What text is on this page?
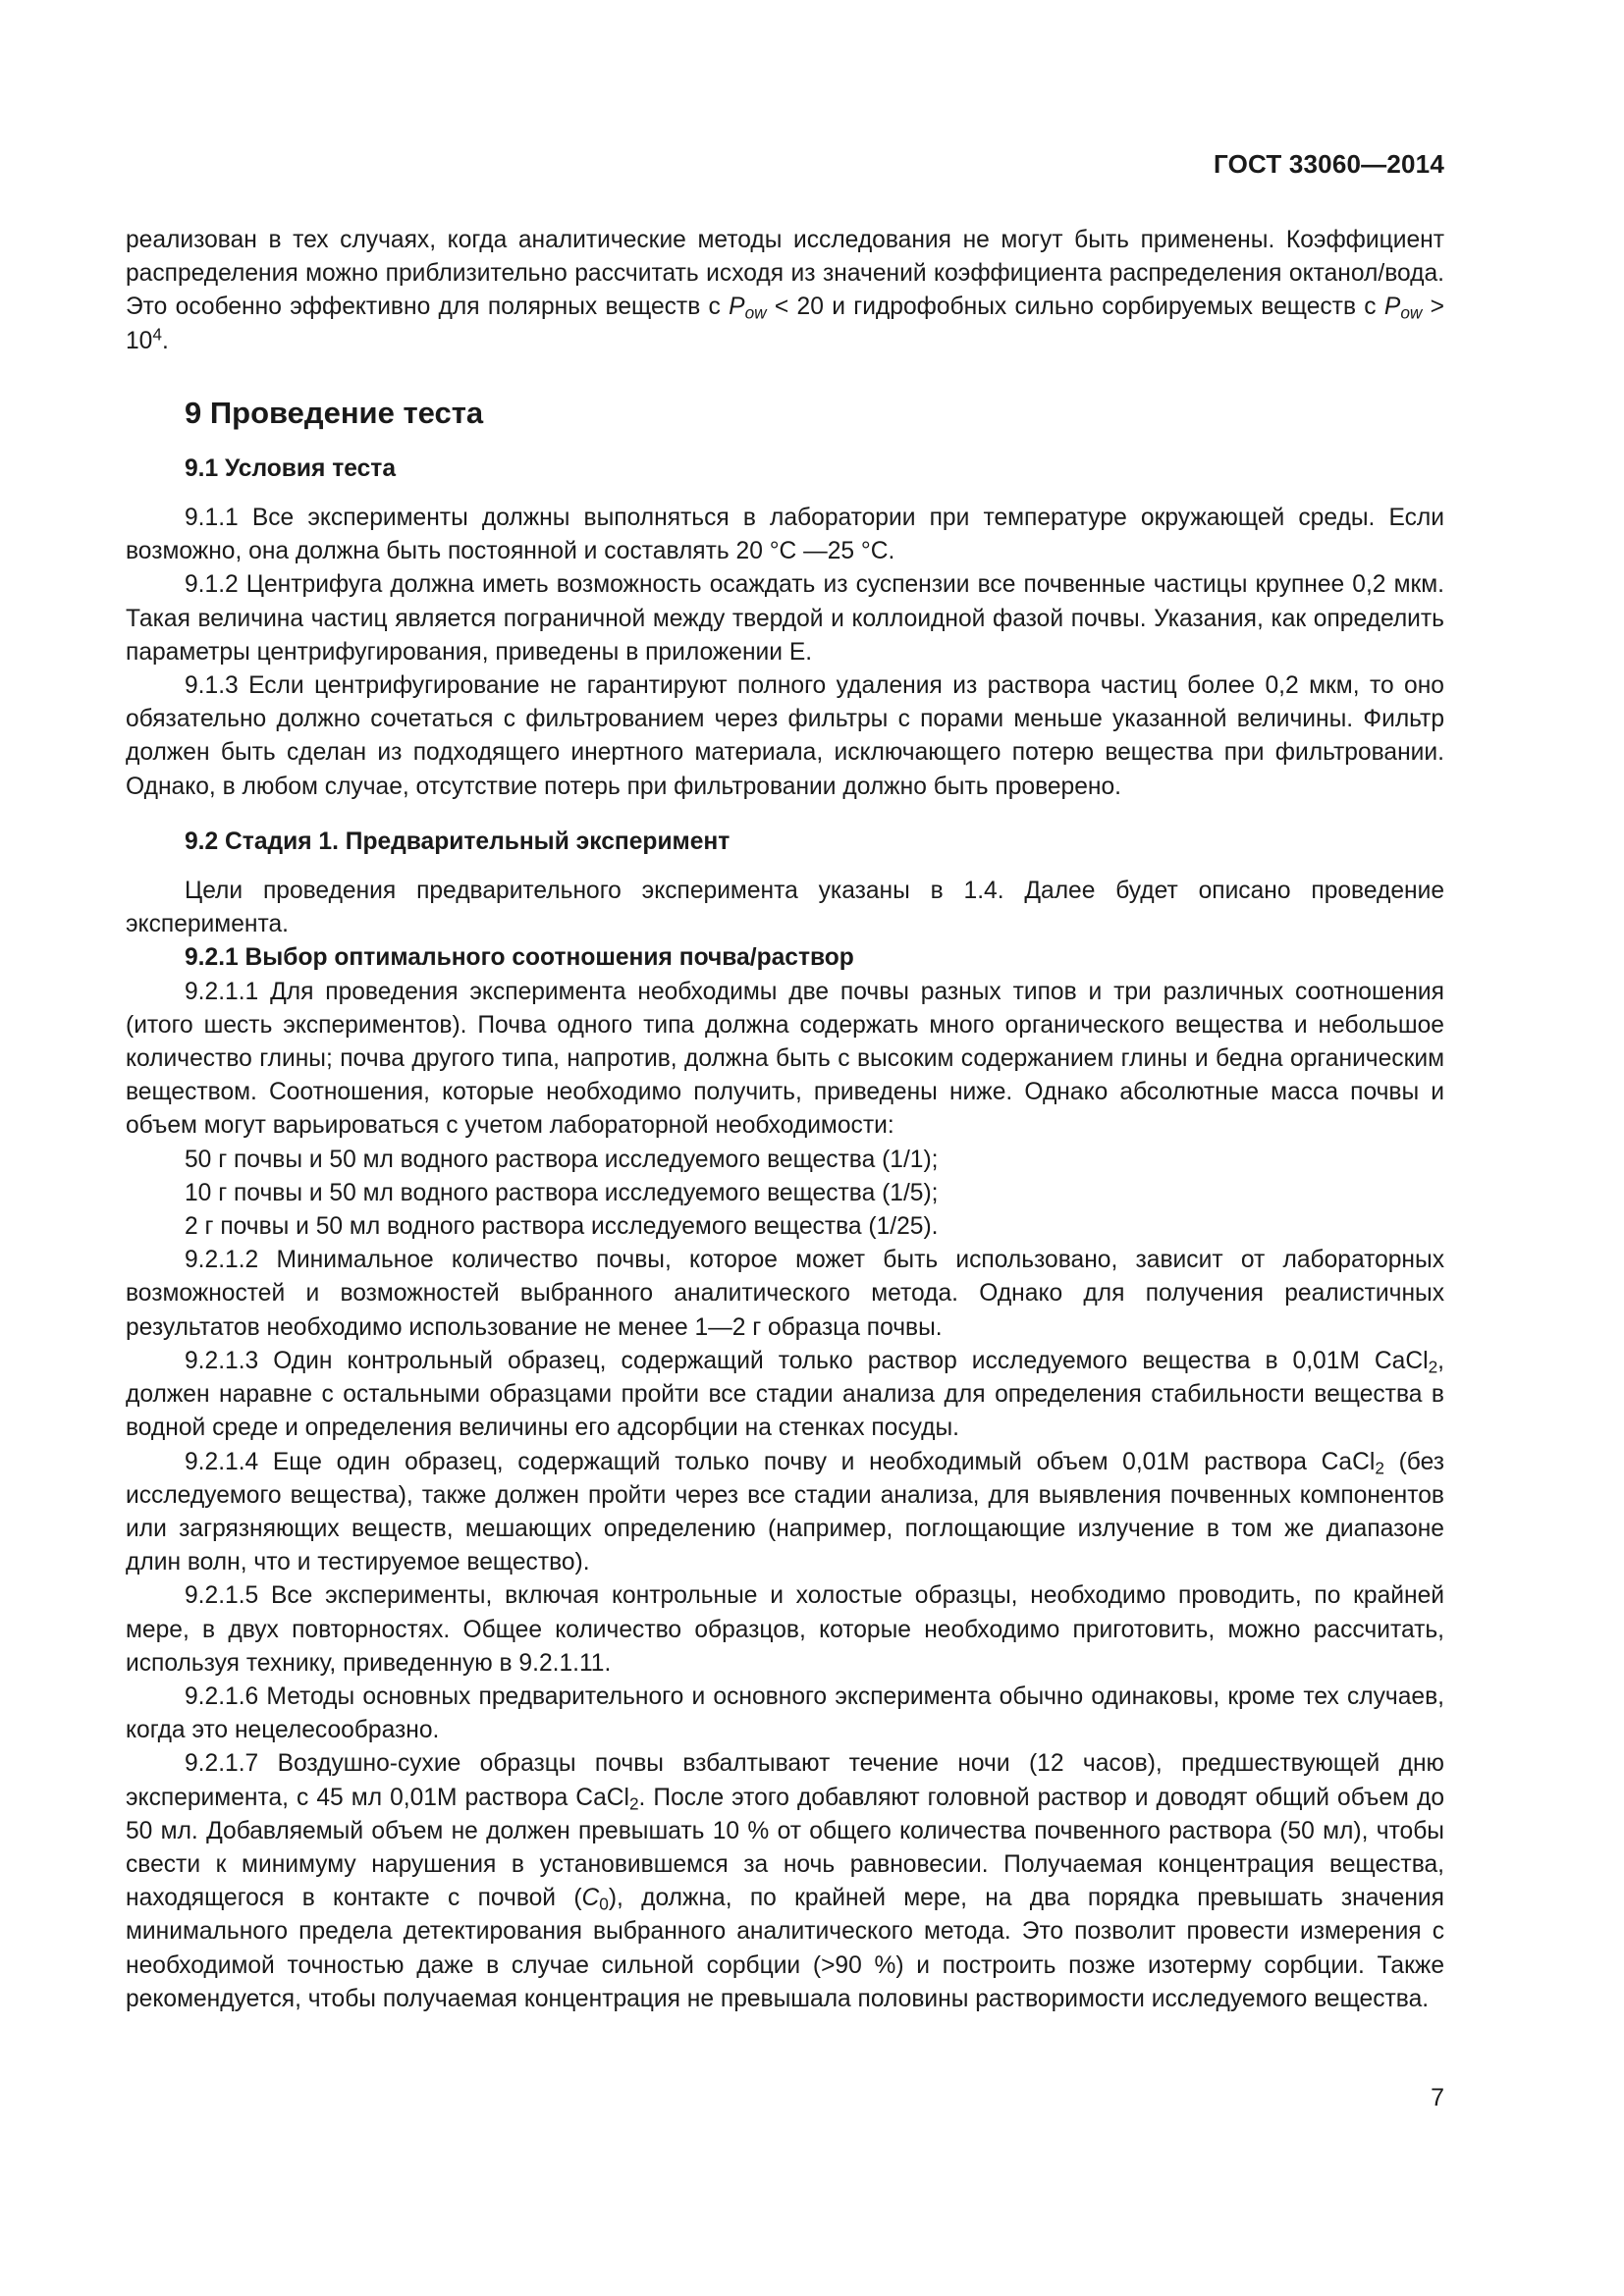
ГОСТ 33060—2014

реализован в тех случаях, когда аналитические методы исследования не могут быть применены. Коэффициент распределения можно приблизительно рассчитать исходя из значений коэффициента распределения октанол/вода. Это особенно эффективно для полярных веществ с $P_{ow} < 20$ и гидрофобных сильно сорбируемых веществ с $P_{ow} > 10^4$.

9 Проведение теста

9.1 Условия теста

9.1.1 Все эксперименты должны выполняться в лаборатории при температуре окружающей среды. Если возможно, она должна быть постоянной и составлять 20 °С —25 °С.

9.1.2 Центрифуга должна иметь возможность осаждать из суспензии все почвенные частицы крупнее 0,2 мкм. Такая величина частиц является пограничной между твердой и коллоидной фазой почвы. Указания, как определить параметры центрифугирования, приведены в приложении Е.

9.1.3 Если центрифугирование не гарантируют полного удаления из раствора частиц более 0,2 мкм, то оно обязательно должно сочетаться с фильтрованием через фильтры с порами меньше указанной величины. Фильтр должен быть сделан из подходящего инертного материала, исключающего потерю вещества при фильтровании. Однако, в любом случае, отсутствие потерь при фильтровании должно быть проверено.

9.2 Стадия 1. Предварительный эксперимент

Цели проведения предварительного эксперимента указаны в 1.4. Далее будет описано проведение эксперимента.

9.2.1 Выбор оптимального соотношения почва/раствор

9.2.1.1 Для проведения эксперимента необходимы две почвы разных типов и три различных соотношения (итого шесть экспериментов). Почва одного типа должна содержать много органического вещества и небольшое количество глины; почва другого типа, напротив, должна быть с высоким содержанием глины и бедна органическим веществом. Соотношения, которые необходимо получить, приведены ниже. Однако абсолютные масса почвы и объем могут варьироваться с учетом лабораторной необходимости:

50 г почвы и 50 мл водного раствора исследуемого вещества (1/1);

10 г почвы и 50 мл водного раствора исследуемого вещества (1/5);

2 г почвы и 50 мл водного раствора исследуемого вещества (1/25).

9.2.1.2 Минимальное количество почвы, которое может быть использовано, зависит от лабораторных возможностей и возможностей выбранного аналитического метода. Однако для получения реалистичных результатов необходимо использование не менее 1—2 г образца почвы.

9.2.1.3 Один контрольный образец, содержащий только раствор исследуемого вещества в 0,01М CaCl$_2$, должен наравне с остальными образцами пройти все стадии анализа для определения стабильности вещества в водной среде и определения величины его адсорбции на стенках посуды.

9.2.1.4 Еще один образец, содержащий только почву и необходимый объем 0,01М раствора CaCl$_2$ (без исследуемого вещества), также должен пройти через все стадии анализа, для выявления почвенных компонентов или загрязняющих веществ, мешающих определению (например, поглощающие излучение в том же диапазоне длин волн, что и тестируемое вещество).

9.2.1.5 Все эксперименты, включая контрольные и холостые образцы, необходимо проводить, по крайней мере, в двух повторностях. Общее количество образцов, которые необходимо приготовить, можно рассчитать, используя технику, приведенную в 9.2.1.11.

9.2.1.6 Методы основных предварительного и основного эксперимента обычно одинаковы, кроме тех случаев, когда это нецелесообразно.

9.2.1.7 Воздушно-сухие образцы почвы взбалтывают течение ночи (12 часов), предшествующей дню эксперимента, с 45 мл 0,01М раствора CaCl$_2$. После этого добавляют головной раствор и доводят общий объем до 50 мл. Добавляемый объем не должен превышать 10 % от общего количества почвенного раствора (50 мл), чтобы свести к минимуму нарушения в установившемся за ночь равновесии. Получаемая концентрация вещества, находящегося в контакте с почвой $(C_0)$, должна, по крайней мере, на два порядка превышать значения минимального предела детектирования выбранного аналитического метода. Это позволит провести измерения с необходимой точностью даже в случае сильной сорбции (>90 %) и построить позже изотерму сорбции. Также рекомендуется, чтобы получаемая концентрация не превышала половины растворимости исследуемого вещества.

7
